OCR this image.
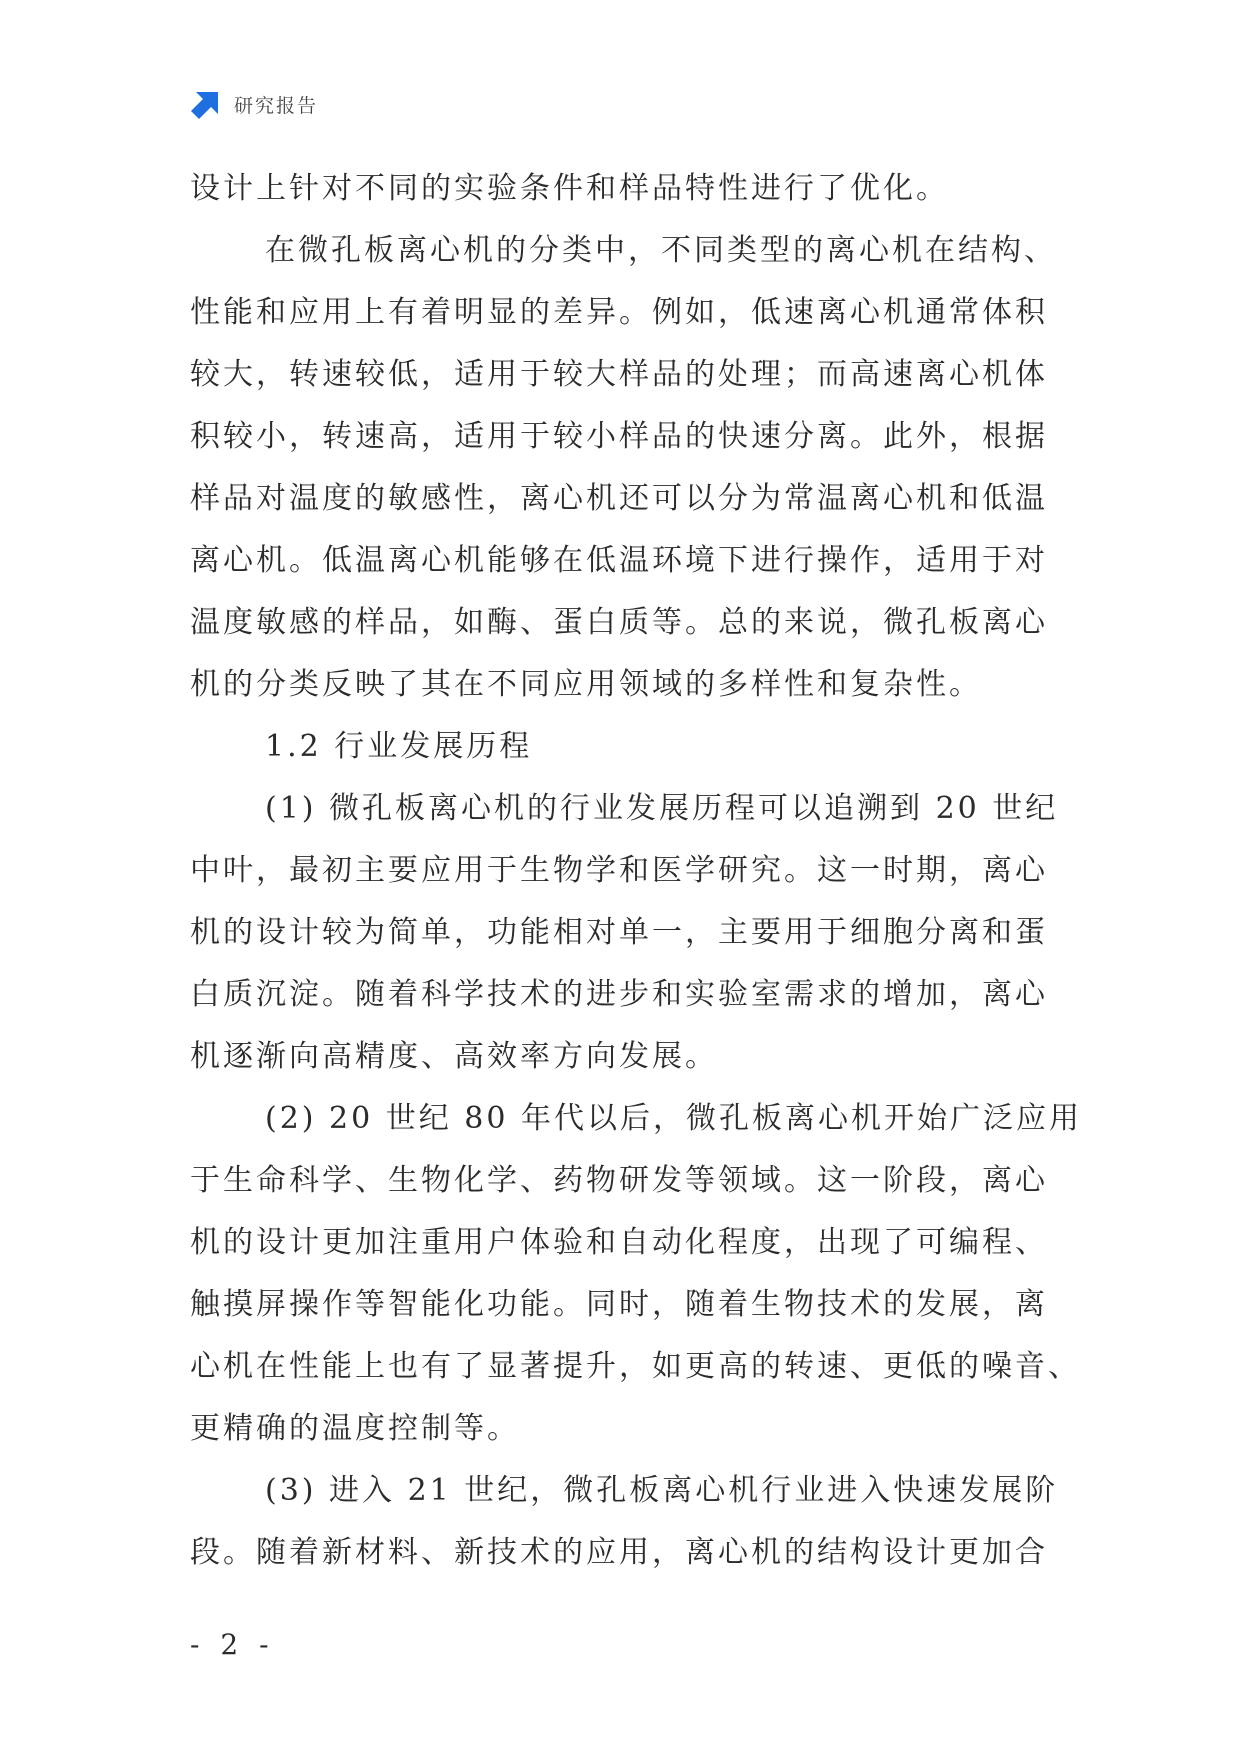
研究报告
设计上针对不同的实验条件和样品特性进行了优化。
在微孔板离心机的分类中，不同类型的离心机在结构、
性能和应用上有着明显的差异。例如，低速离心机通常体积
较大，转速较低，适用于较大样品的处理；而高速离心机体
积较小，转速高，适用于较小样品的快速分离。此外，根据
样品对温度的敏感性，离心机还可以分为常温离心机和低温
离心机。低温离心机能够在低温环境下进行操作，适用于对
温度敏感的样品，如酶、蛋白质等。总的来说，微孔板离心
机的分类反映了其在不同应用领域的多样性和复杂性。
1.2 行业发展历程
(1) 微孔板离心机的行业发展历程可以追溯到 20 世纪
中叶，最初主要应用于生物学和医学研究。这一时期，离心
机的设计较为简单，功能相对单一，主要用于细胞分离和蛋
白质沉淀。随着科学技术的进步和实验室需求的增加，离心
机逐渐向高精度、高效率方向发展。
(2) 20 世纪 80 年代以后，微孔板离心机开始广泛应用
于生命科学、生物化学、药物研发等领域。这一阶段，离心
机的设计更加注重用户体验和自动化程度，出现了可编程、
触摸屏操作等智能化功能。同时，随着生物技术的发展，离
心机在性能上也有了显著提升，如更高的转速、更低的噪音、
更精确的温度控制等。
(3) 进入 21 世纪，微孔板离心机行业进入快速发展阶
段。随着新材料、新技术的应用，离心机的结构设计更加合
- 2 -
